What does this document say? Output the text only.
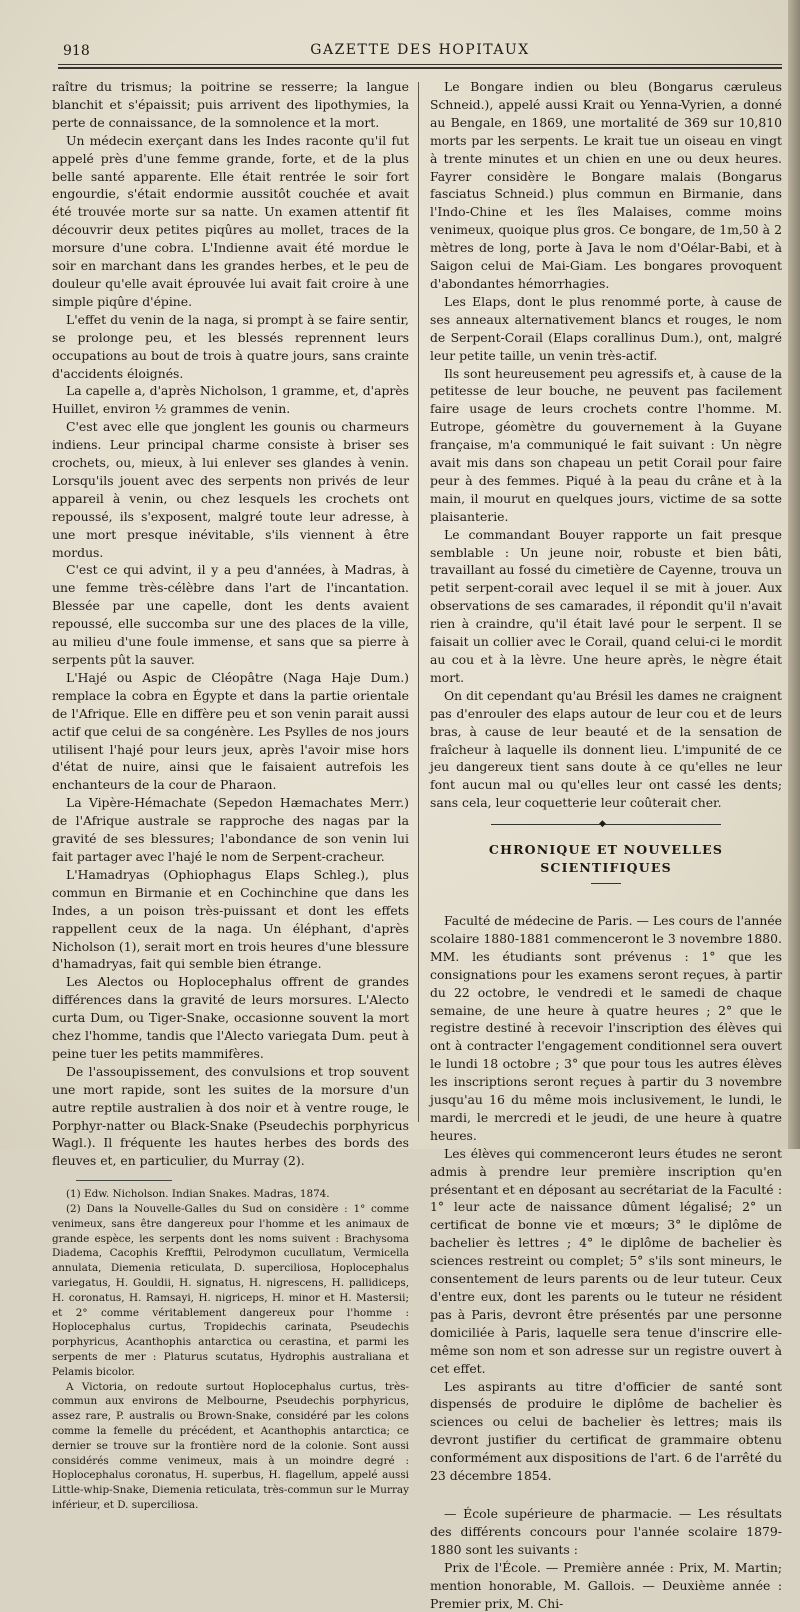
918	GAZETTE DES HOPITAUX

raître du trismus; la poitrine se resserre; la langue blanchit et s'épaissit; puis arrivent des lipothymies, la perte de connaissance, de la somnolence et la mort.

Un médecin exerçant dans les Indes raconte qu'il fut appelé près d'une femme grande, forte, et de la plus belle santé apparente. Elle était rentrée le soir fort engourdie, s'était endormie aussitôt couchée et avait été trouvée morte sur sa natte. Un examen attentif fit découvrir deux petites piqûres au mollet, traces de la morsure d'une cobra. L'Indienne avait été mordue le soir en marchant dans les grandes herbes, et le peu de douleur qu'elle avait éprouvée lui avait fait croire à une simple piqûre d'épine.

L'effet du venin de la naga, si prompt à se faire sentir, se prolonge peu, et les blessés reprennent leurs occupations au bout de trois à quatre jours, sans crainte d'accidents éloignés.

La capelle a, d'après Nicholson, 1 gramme, et, d'après Huillet, environ ½ grammes de venin.

C'est avec elle que jonglent les gounis ou charmeurs indiens. Leur principal charme consiste à briser ses crochets, ou, mieux, à lui enlever ses glandes à venin. Lorsqu'ils jouent avec des serpents non privés de leur appareil à venin, ou chez lesquels les crochets ont repoussé, ils s'exposent, malgré toute leur adresse, à une mort presque inévitable, s'ils viennent à être mordus.

C'est ce qui advint, il y a peu d'années, à Madras, à une femme très-célèbre dans l'art de l'incantation. Blessée par une capelle, dont les dents avaient repoussé, elle succomba sur une des places de la ville, au milieu d'une foule immense, et sans que sa pierre à serpents pût la sauver.

L'Hajé ou Aspic de Cléopâtre (Naga Haje Dum.) remplace la cobra en Égypte et dans la partie orientale de l'Afrique. Elle en diffère peu et son venin parait aussi actif que celui de sa congénère. Les Psylles de nos jours utilisent l'hajé pour leurs jeux, après l'avoir mise hors d'état de nuire, ainsi que le faisaient autrefois les enchanteurs de la cour de Pharaon.

La Vipère-Hémachate (Sepedon Hæmachates Merr.) de l'Afrique australe se rapproche des nagas par la gravité de ses blessures; l'abondance de son venin lui fait partager avec l'hajé le nom de Serpent-cracheur.

L'Hamadryas (Ophiophagus Elaps Schleg.), plus commun en Birmanie et en Cochinchine que dans les Indes, a un poison très-puissant et dont les effets rappellent ceux de la naga. Un éléphant, d'après Nicholson (1), serait mort en trois heures d'une blessure d'hamadryas, fait qui semble bien étrange.

Les Alectos ou Hoplocephalus offrent de grandes différences dans la gravité de leurs morsures. L'Alecto curta Dum, ou Tiger-Snake, occasionne souvent la mort chez l'homme, tandis que l'Alecto variegata Dum. peut à peine tuer les petits mammifères.

De l'assoupissement, des convulsions et trop souvent une mort rapide, sont les suites de la morsure d'un autre reptile australien à dos noir et à ventre rouge, le Porphyr-natter ou Black-Snake (Pseudechis porphyricus Wagl.). Il fréquente les hautes herbes des bords des fleuves et, en particulier, du Murray (2).

(1) Edw. Nicholson. Indian Snakes. Madras, 1874.

(2) Dans la Nouvelle-Galles du Sud on considère : 1° comme venimeux, sans être dangereux pour l'homme et les animaux de grande espèce, les serpents dont les noms suivent : Brachysoma Diadema, Cacophis Krefftii, Pelrodymon cucullatum, Vermicella annulata, Diemenia reticulata, D. superciliosa, Hoplocephalus variegatus, H. Gouldii, H. signatus, H. nigrescens, H. pallidiceps, H. coronatus, H. Ramsayi, H. nigriceps, H. minor et H. Mastersii; et 2° comme véritablement dangereux pour l'homme : Hoplocephalus curtus, Tropidechis carinata, Pseudechis porphyricus, Acanthophis antarctica ou cerastina, et parmi les serpents de mer : Platurus scutatus, Hydrophis australiana et Pelamis bicolor.

A Victoria, on redoute surtout Hoplocephalus curtus, très-commun aux environs de Melbourne, Pseudechis porphyricus, assez rare, P. australis ou Brown-Snake, considéré par les colons comme la femelle du précédent, et Acanthophis antarctica; ce dernier se trouve sur la frontière nord de la colonie. Sont aussi considérés comme venimeux, mais à un moindre degré : Hoplocephalus coronatus, H. superbus, H. flagellum, appelé aussi Little-whip-Snake, Diemenia reticulata, très-commun sur le Murray inférieur, et D. superciliosa.

Le Bongare indien ou bleu (Bongarus cæruleus Schneid.), appelé aussi Krait ou Yenna-Vyrien, a donné au Bengale, en 1869, une mortalité de 369 sur 10,810 morts par les serpents. Le krait tue un oiseau en vingt à trente minutes et un chien en une ou deux heures. Fayrer considère le Bongare malais (Bongarus fasciatus Schneid.) plus commun en Birmanie, dans l'Indo-Chine et les îles Malaises, comme moins venimeux, quoique plus gros. Ce bongare, de 1m,50 à 2 mètres de long, porte à Java le nom d'Oélar-Babi, et à Saigon celui de Mai-Giam. Les bongares provoquent d'abondantes hémorrhagies.

Les Elaps, dont le plus renommé porte, à cause de ses anneaux alternativement blancs et rouges, le nom de Serpent-Corail (Elaps corallinus Dum.), ont, malgré leur petite taille, un venin très-actif.

Ils sont heureusement peu agressifs et, à cause de la petitesse de leur bouche, ne peuvent pas facilement faire usage de leurs crochets contre l'homme. M. Eutrope, géomètre du gouvernement à la Guyane française, m'a communiqué le fait suivant : Un nègre avait mis dans son chapeau un petit Corail pour faire peur à des femmes. Piqué à la peau du crâne et à la main, il mourut en quelques jours, victime de sa sotte plaisanterie.

Le commandant Bouyer rapporte un fait presque semblable : Un jeune noir, robuste et bien bâti, travaillant au fossé du cimetière de Cayenne, trouva un petit serpent-corail avec lequel il se mit à jouer. Aux observations de ses camarades, il répondit qu'il n'avait rien à craindre, qu'il était lavé pour le serpent. Il se faisait un collier avec le Corail, quand celui-ci le mordit au cou et à la lèvre. Une heure après, le nègre était mort.

On dit cependant qu'au Brésil les dames ne craignent pas d'enrouler des elaps autour de leur cou et de leurs bras, à cause de leur beauté et de la sensation de fraîcheur à laquelle ils donnent lieu. L'impunité de ce jeu dangereux tient sans doute à ce qu'elles ne leur font aucun mal ou qu'elles leur ont cassé les dents; sans cela, leur coquetterie leur coûterait cher.

◆
CHRONIQUE ET NOUVELLES SCIENTIFIQUES

Faculté de médecine de Paris. — Les cours de l'année scolaire 1880-1881 commenceront le 3 novembre 1880. MM. les étudiants sont prévenus : 1° que les consignations pour les examens seront reçues, à partir du 22 octobre, le vendredi et le samedi de chaque semaine, de une heure à quatre heures ; 2° que le registre destiné à recevoir l'inscription des élèves qui ont à contracter l'engagement conditionnel sera ouvert le lundi 18 octobre ; 3° que pour tous les autres élèves les inscriptions seront reçues à partir du 3 novembre jusqu'au 16 du même mois inclusivement, le lundi, le mardi, le mercredi et le jeudi, de une heure à quatre heures.

Les élèves qui commenceront leurs études ne seront admis à prendre leur première inscription qu'en présentant et en déposant au secrétariat de la Faculté : 1° leur acte de naissance dûment légalisé; 2° un certificat de bonne vie et mœurs; 3° le diplôme de bachelier ès lettres ; 4° le diplôme de bachelier ès sciences restreint ou complet; 5° s'ils sont mineurs, le consentement de leurs parents ou de leur tuteur. Ceux d'entre eux, dont les parents ou le tuteur ne résident pas à Paris, devront être présentés par une personne domiciliée à Paris, laquelle sera tenue d'inscrire elle-même son nom et son adresse sur un registre ouvert à cet effet.

Les aspirants au titre d'officier de santé sont dispensés de produire le diplôme de bachelier ès sciences ou celui de bachelier ès lettres; mais ils devront justifier du certificat de grammaire obtenu conformément aux dispositions de l'art. 6 de l'arrêté du 23 décembre 1854.

— École supérieure de pharmacie. — Les résultats des différents concours pour l'année scolaire 1879-1880 sont les suivants :

Prix de l'École. — Première année : Prix, M. Martin; mention honorable, M. Gallois. — Deuxième année : Premier prix, M. Chi-
